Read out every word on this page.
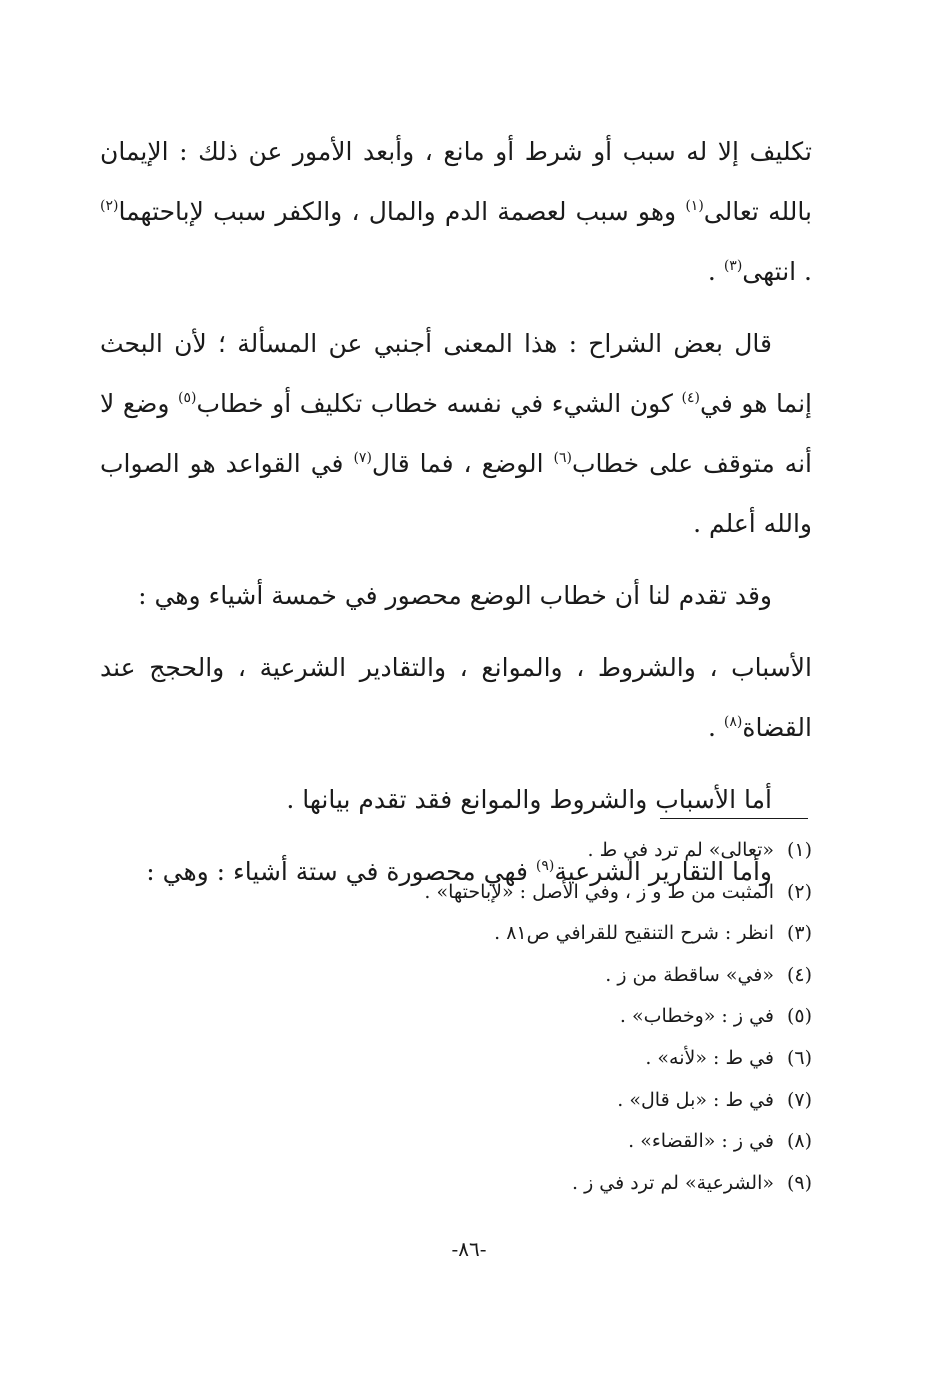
تكليف إلا له سبب أو شرط أو مانع ، وأبعد الأمور عن ذلك : الإيمان بالله تعالى$^{(١)}$ وهو سبب لعصمة الدم والمال ، والكفر سبب لإباحتهما$^{(٢)}$ . انتهى$^{(٣)}$ .

قال بعض الشراح : هذا المعنى أجنبي عن المسألة ؛ لأن البحث إنما هو في$^{(٤)}$ كون الشيء في نفسه خطاب تكليف أو خطاب$^{(٥)}$ وضع لا أنه متوقف على خطاب$^{(٦)}$ الوضع ، فما قال$^{(٧)}$ في القواعد هو الصواب والله أعلم .

وقد تقدم لنا أن خطاب الوضع محصور في خمسة أشياء وهي :

الأسباب ، والشروط ، والموانع ، والتقادير الشرعية ، والحجج عند القضاة$^{(٨)}$ .

أما الأسباب والشروط والموانع فقد تقدم بيانها .

وأما التقارير الشرعية$^{(٩)}$ فهي محصورة في ستة أشياء : وهي :

(١)«تعالى» لم ترد في ط .
(٢)المثبت من ط و ز ، وفي الأصل : «لإباحتها» .
(٣)انظر : شرح التنقيح للقرافي ص٨١ .
(٤)«في» ساقطة من ز .
(٥)في ز : «وخطاب» .
(٦)في ط : «لأنه» .
(٧)في ط : «بل قال» .
(٨)في ز : «القضاء» .
(٩)«الشرعية» لم ترد في ز .
-٨٦-
